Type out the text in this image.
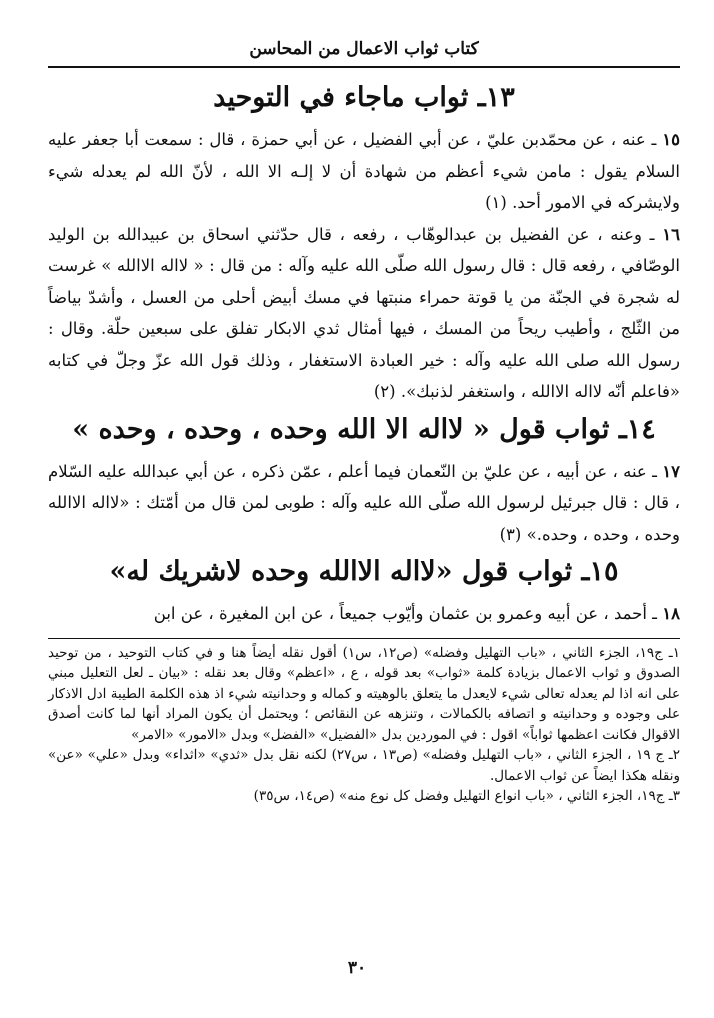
كتاب ثواب الاعمال من المحاسن
١٣ـ ثواب ماجاء في التوحيد

١٥ ـ عنه ، عن محمّدبن عليّ ، عن أبي الفضيل ، عن أبي حمزة ، قال : سمعت أبا جعفر عليه السلام يقول : مامن شيء أعظم من شهادة أن لا إلـه الا الله ، لأنّ الله لم يعدله شيء ولايشركه في الامور أحد. (١)

١٦ ـ وعنه ، عن الفضيل بن عبدالوهّاب ، رفعه ، قال حدّثني اسحاق بن عبيدالله بن الوليد الوصّافي ، رفعه قال : قال رسول الله صلّى الله عليه وآله : من قال : « لااله الاالله » غرست له شجرة في الجنّة من يا قوتة حمراء منبتها في مسك أبيض أحلى من العسل ، وأشدّ بياضاً من الثّلج ، وأطيب ريحاً من المسك ، فيها أمثال ثدي الابكار تفلق على سبعين حلّة. وقال : رسول الله صلى الله عليه وآله : خير العبادة الاستغفار ، وذلك قول الله عزّ وجلّ في كتابه «فاعلم أنّه لااله الاالله ، واستغفر لذنبك». (٢)

١٤ـ ثواب قول « لااله الا الله وحده ، وحده ، وحده »

١٧ ـ عنه ، عن أبيه ، عن عليّ بن النّعمان فيما أعلم ، عمّن ذكره ، عن أبي عبدالله عليه السّلام ، قال : قال جبرئيل لرسول الله صلّى الله عليه وآله : طوبى لمن قال من أمّتك : «لااله الاالله وحده ، وحده ، وحده.» (٣)

١٥ـ ثواب قول «لااله الاالله وحده لاشريك له»

١٨ ـ أحمد ، عن أبيه وعمرو بن عثمان وأيّوب جميعاً ، عن ابن المغيرة ، عن ابن

١ـ ج١٩، الجزء الثاني ، «باب التهليل وفضله» (ص١٢، س١) أقول نقله أيضاً هنا و في كتاب التوحيد ، من توحيد الصدوق و ثواب الاعمال بزيادة كلمة «ثواب» بعد قوله ، ع ، «اعظم» وقال بعد نقله : «بيان ـ لعل التعليل مبني على انه اذا لم يعدله تعالى شيء لايعدل ما يتعلق بالوهيته و كماله و وحدانيته شيء اذ هذه الكلمة الطيبة ادل الاذكار على وجوده و وحدانيته و اتصافه بالكمالات ، وتنزهه عن النقائص ؛ ويحتمل أن يكون المراد أنها لما كانت أصدق الاقوال فكانت اعظمها ثواباً» اقول : في الموردين بدل «الفضيل» «الفضل» وبدل «الامور» «الامر»

٢ـ ج ١٩ ، الجزء الثاني ، «باب التهليل وفضله» (ص١٣ ، س٢٧) لكنه نقل بدل «ثدي» «اثداء» وبدل «علي» «عن» ونقله هكذا ايضاً عن ثواب الاعمال.

٣ـ ج١٩، الجزء الثاني ، «باب انواع التهليل وفضل كل نوع منه» (ص١٤، س٣٥)

٣٠
